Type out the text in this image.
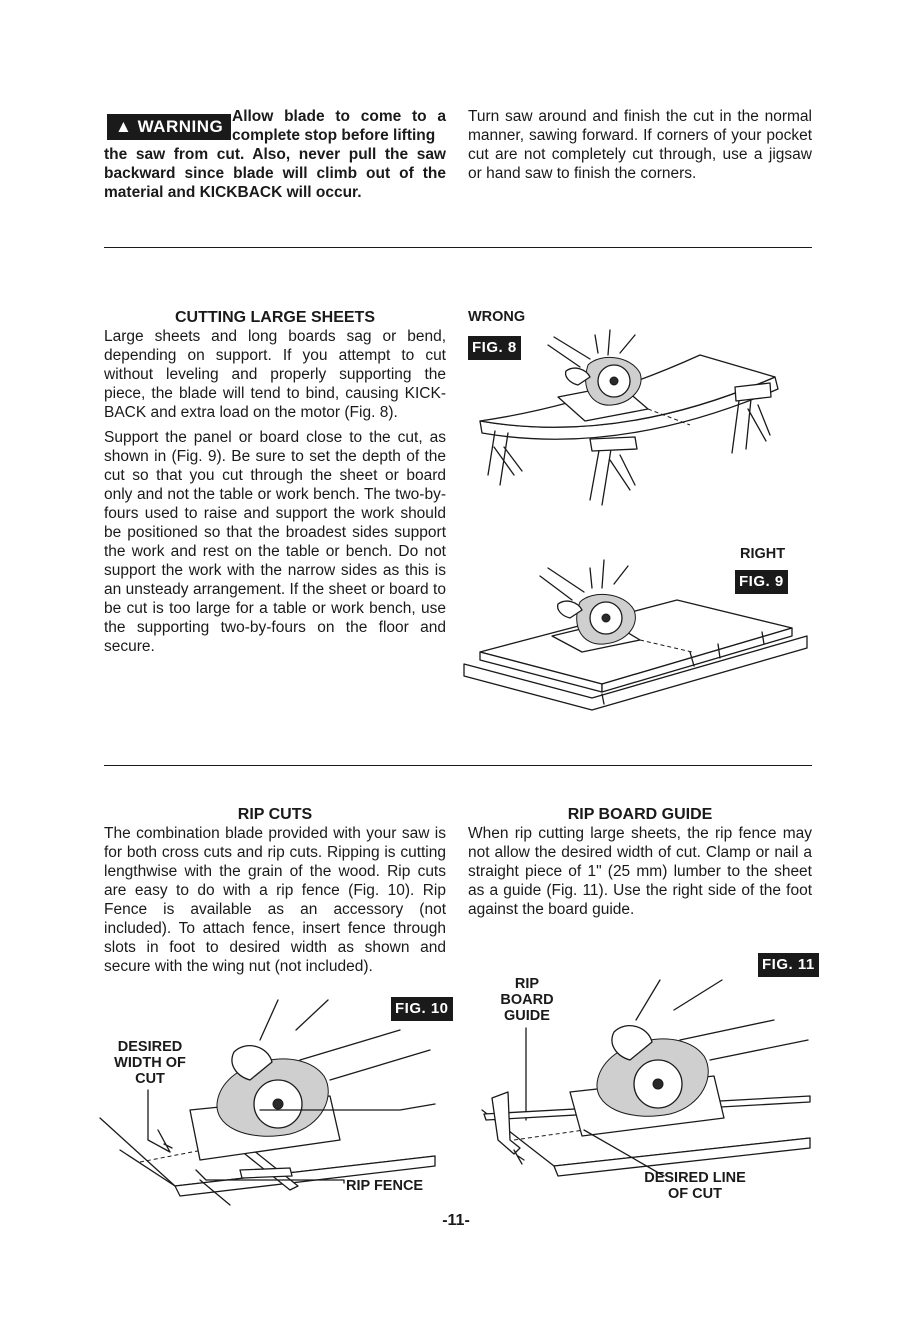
▲ WARNING
Allow blade to come to a complete stop before lifting
the saw from cut. Also, never pull the saw backward since blade will climb out of the material and KICKBACK will occur.
Turn saw around and finish the cut in the normal manner, sawing forward. If corners of your pocket cut are not completely cut through, use a jigsaw or hand saw to finish the corners.
CUTTING LARGE SHEETS

Large sheets and long boards sag or bend, depending on support. If you attempt to cut without leveling and properly supporting the piece, the blade will tend to bind, causing KICK-BACK and extra load on the motor (Fig. 8).

Support the panel or board close to the cut, as shown in (Fig. 9). Be sure to set the depth of the cut so that you cut through the sheet or board only and not the table or work bench. The two-by-fours used to raise and support the work should be positioned so that the broadest sides support the work and rest on the table or bench. Do not support the work with the narrow sides as this is an unsteady arrangement. If the sheet or board to be cut is too large for a table or work bench, use the supporting two-by-fours on the floor and secure.

WRONG
FIG. 8
RIGHT
FIG. 9
RIP CUTS

The combination blade provided with your saw is for both cross cuts and rip cuts. Ripping is cutting lengthwise with the grain of the wood. Rip cuts are easy to do with a rip fence (Fig. 10). Rip Fence is available as an accessory (not included). To attach fence, insert fence through slots in foot to desired width as shown and secure with the wing nut (not included).

FIG. 10
DESIRED WIDTH OF CUT
RIP FENCE
RIP BOARD GUIDE

When rip cutting large sheets, the rip fence may not allow the desired width of cut. Clamp or nail a straight piece of 1" (25 mm) lumber to the sheet as a guide (Fig. 11). Use the right side of the foot against the board guide.

FIG. 11
RIP BOARD GUIDE
DESIRED LINE OF CUT
-11-
